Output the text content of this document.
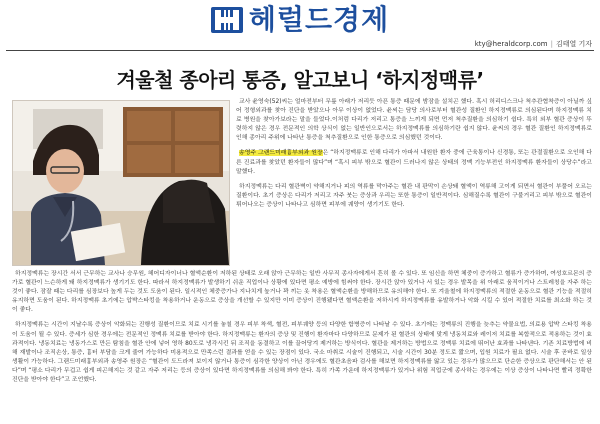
헤럴드경제
kty@heraldcorp.com | 김태열 기자
겨울철 종아리 통증, 알고보니 ‘하지정맥류’

교사 윤영숙(52)씨는 얼마전부터 무릎 아래가 저리듯 아픈 통증 때문에 밤잠을 설치곤 했다. 혹시 허리디스크나 척추관협착증이 아닐까 싶어 정형외과를 찾아 진단을 받았으나 아무 이상이 없었다. 윤씨는 담당 의사로부터 혈관성 질환인 하지정맥류로 의심된다며 하지정맥류 치료 병원을 찾아가보라는 말을 들었다.이처럼 다리가 저리고 통증을 느끼게 되면 먼저 척추질환을 의심하기 쉽다. 특히 외부 혈관 증상이 뚜렷하지 않은 경우 전문적인 의학 상식이 없는 일반인으로서는 하지정맥류를 의심하기란 쉽지 않다. 윤씨의 경우 혈관 질환인 하지정맥류로 인해 종아리 주위에 나타난 통증을 척추질환으로 인한 통증으로 의심했던 것이다.

송영주 그랜드미래흉부외과 원장은 “하지정맥류로 인해 다리가 아파서 내원한 환자 중에 근육통이나 신경통, 또는 관절질환으로 오인해 다른 진료과를 찾았던 환자들이 많다”며 “혹시 피부 밖으로 혈관이 드러나지 않은 상태의 정맥 기능부전인 하지정맥류 환자들이 상당수”라고 말했다.

하지정맥류는 다리 혈관벽이 약해지거나 피의 역류를 막아주는 혈관 내 판막이 손상돼 혈액이 역류해 고이게 되면서 혈관이 부풀어 오르는 질환이다. 초기 증상은 다리가 저리고 자주 붓는 증상과 우리는 또한 통증이 일반적이다. 심해질수록 혈관이 구불거리고 피부 밖으로 혈관이 튀어나오는 증상이 나타나고 심하면 피부에 궤양이 생기기도 한다.

하지정맥류는 장시간 서서 근무하는 교사나 승무원, 헤어디자이너나 혈액순환이 저하된 상태로 오래 앉아 근무하는 일반 사무직 종사자에게서 흔히 볼 수 있다. 또 임신을 하면 체중이 증가하고 혈류가 증가하며, 여성호르몬의 증가로 혈관이 느슨하게 돼 하지정맥류가 생기기도 한다. 따라서 하지정맥류가 발생하기 쉬운 직업이나 상황에 있다면 평소 예방에 힘써야 한다. 장시간 앉아 있거나 서 있는 경우 발목을 위 아래로 움직이거나 스트레칭을 자주 하는 것이 좋다. 잠잘 때는 다리를 심장보다 높게 두는 것도 도움이 된다. 일시적인 체중증가나 지나치게 높거나 꽉 끼는 옷 착용은 혈액순환을 방해하므로 유의해야 한다. 또 겨울철에 하지정맥류의 적절한 운동으로 혈관 기능을 적절히 유지하면 도움이 된다. 하지정맥류 초기에는 압박스타킹을 착용하거나 운동으로 증상을 개선할 수 있지만 이미 증상이 진행됐다면 혈액순환을 저하시켜 하지정맥류를 유발하거나 악화 시킬 수 있어 적절한 치료를 최소화 하는 것이 좋다.

하지정맥류는 시간이 지날수록 증상이 악화되는 진행성 질환이므로 치료 시기를 놓칠 경우 피부 착색, 혈전, 피부궤양 등의 다양한 합병증이 나타날 수 있다. 초기에는 정맥류의 진행을 늦추는 약물요법, 의료용 압박 스타킹 착용이 도움이 될 수 있다. 증세가 심한 경우에는 전문적인 정맥류 치료를 받아야 한다. 하지정맥류는 환자의 증상 및 진행이 환자마다 다양하므로 문제가 된 혈관의 상태에 맞게 냉동치료와 레이저 치료를 복합적으로 적용하는 것이 효과적이다. 냉동치료는 냉동가스로 만든 탐침을 혈관 안에 넣어 영하 80도로 냉각시킨 뒤 조직을 동결하고 이를 끌어당겨 제거하는 방식이다. 혈관을 제거하는 방법으로 정맥류 치료에 뛰어난 효과를 나타낸다. 기존 치료방법에 비해 재발이나 조직손상, 통증, 흉터 부담을 크게 줄여 가능하다 미용적으로 만족스런 결과를 얻을 수 있는 장점이 있다. 국소 마취로 시술이 진행되고, 시술 시간이 30분 정도로 짧으며, 입원 치료가 필요 없다. 시술 후 곧바로 일상생활이 가능하다. 그랜드미래흉부외과 송영주 원장은 “혈관이 도드라져 보이지 않거나 통증이 심각한 양상이 아닌 경우에도 혈관초음파 검사를 해보면 하지정맥류를 앓고 있는 경우가 많으므로 단순한 증상으로 판단해서는 안 된다”며 “평소 다리가 무겁고 쉽게 피곤해지는 것 같고 자주 저리는 등의 증상이 있다면 하지정맥류를 의심해 봐야 한다. 특히 가족 가운데 하지정맥류가 있거나 위험 직업군에 종사하는 경우에는 이상 증상이 나타나면 빨리 정확한 진단을 받아야 한다”고 조언했다.
